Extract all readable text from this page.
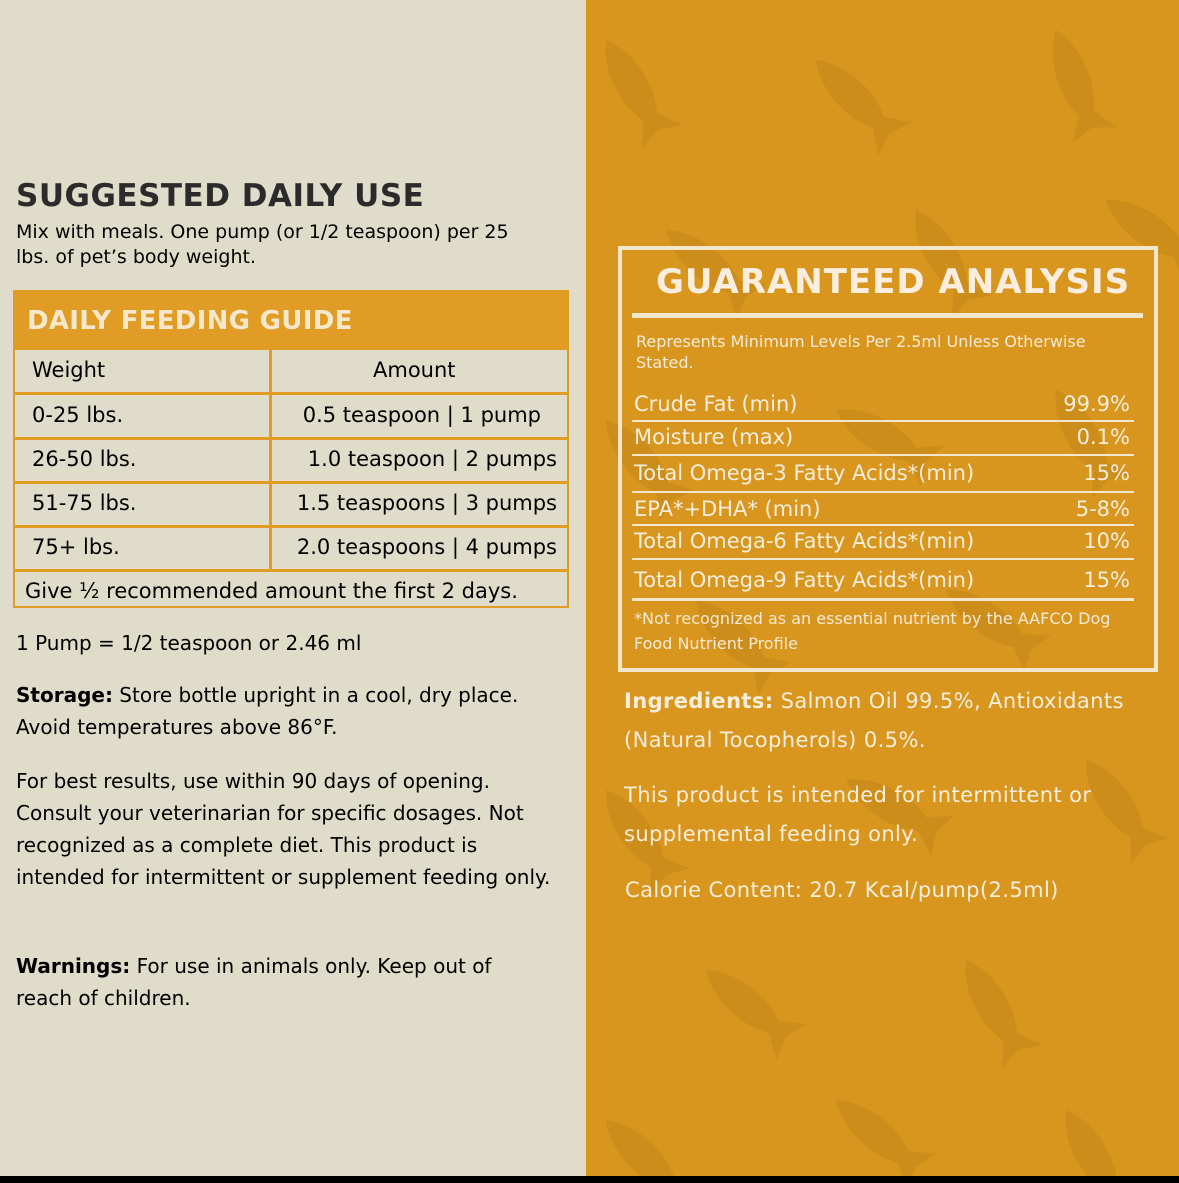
SUGGESTED DAILY USE

Mix with meals. One pump (or 1/2 teaspoon) per 25 lbs. of pet’s body weight.

DAILY FEEDING GUIDE
Weight	Amount
0-25 lbs.	0.5 teaspoon | 1 pump
26-50 lbs.	1.0 teaspoon | 2 pumps
51-75 lbs.	1.5 teaspoons | 3 pumps
75+ lbs.	2.0 teaspoons | 4 pumps
Give ½ recommended amount the first 2 days.

1 Pump = 1/2 teaspoon or 2.46 ml

Storage: Store bottle upright in a cool, dry place. Avoid temperatures above 86°F.

For best results, use within 90 days of opening. Consult your veterinarian for specific dosages. Not recognized as a complete diet. This product is intended for intermittent or supplement feeding only.

Warnings: For use in animals only. Keep out of reach of children.

GUARANTEED ANALYSIS
Represents Minimum Levels Per 2.5ml Unless Otherwise Stated.
Crude Fat (min)	99.9%
Moisture (max)	0.1%
Total Omega-3 Fatty Acids*(min)	15%
EPA*+DHA* (min)	5-8%
Total Omega-6 Fatty Acids*(min)	10%
Total Omega-9 Fatty Acids*(min)	15%
*Not recognized as an essential nutrient by the AAFCO Dog Food Nutrient Profile

Ingredients: Salmon Oil 99.5%, Antioxidants (Natural Tocopherols) 0.5%.

This product is intended for intermittent or supplemental feeding only.

Calorie Content: 20.7 Kcal/pump(2.5ml)
